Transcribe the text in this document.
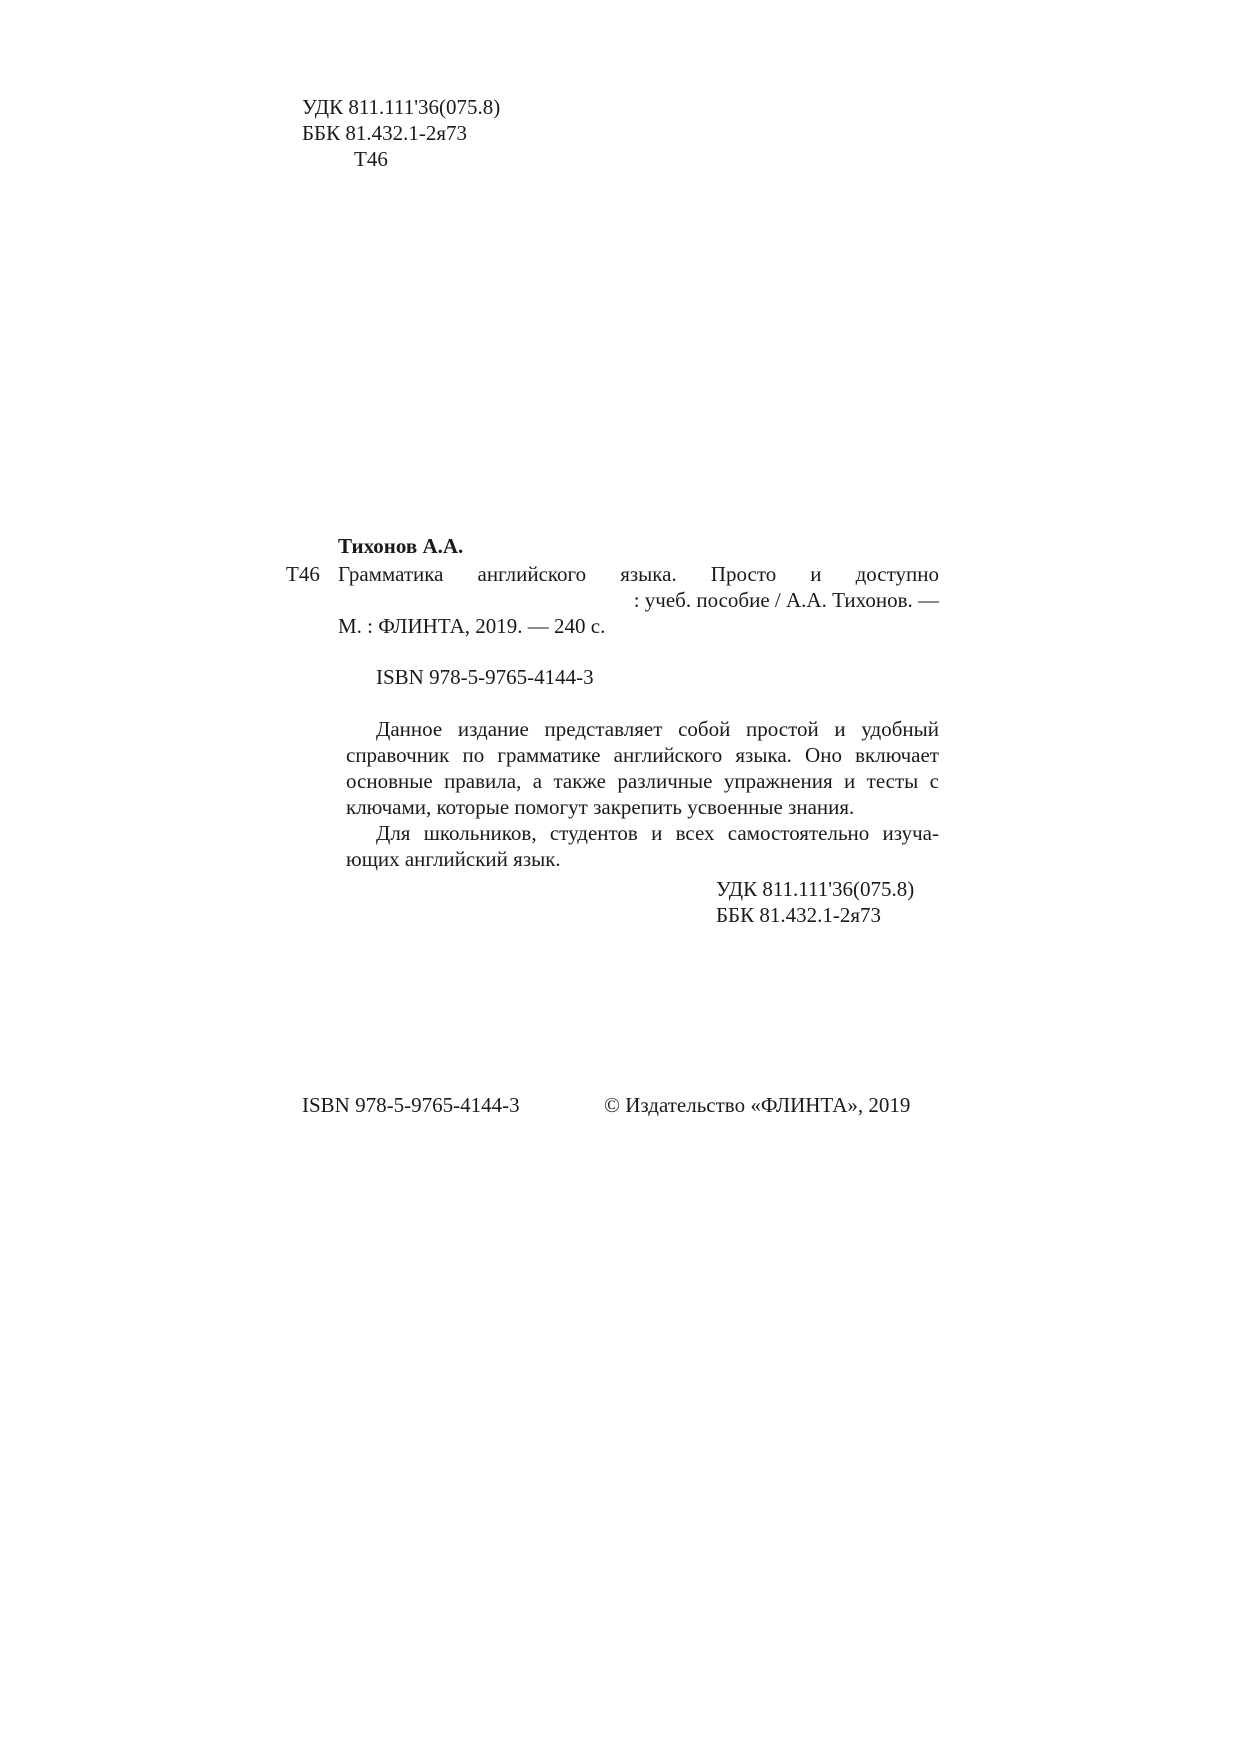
УДК 811.111'36(075.8)
ББК 81.432.1-2я73
Т46
Тихонов А.А.
Т46 Грамматика английского языка. Просто и доступно
: учеб. пособие / А.А. Тихонов. —
М. : ФЛИНТА, 2019. — 240 с.
ISBN 978-5-9765-4144-3
Данное издание представляет собой простой и удобный
справочник по грамматике английского языка. Оно включает
основные правила, а также различные упражнения и тесты с
ключами, которые помогут закрепить усвоенные знания.
Для школьников, студентов и всех самостоятельно изуча-
ющих английский язык.
УДК 811.111'36(075.8)
ББК 81.432.1-2я73
ISBN 978-5-9765-4144-3	© Издательство «ФЛИНТА», 2019
